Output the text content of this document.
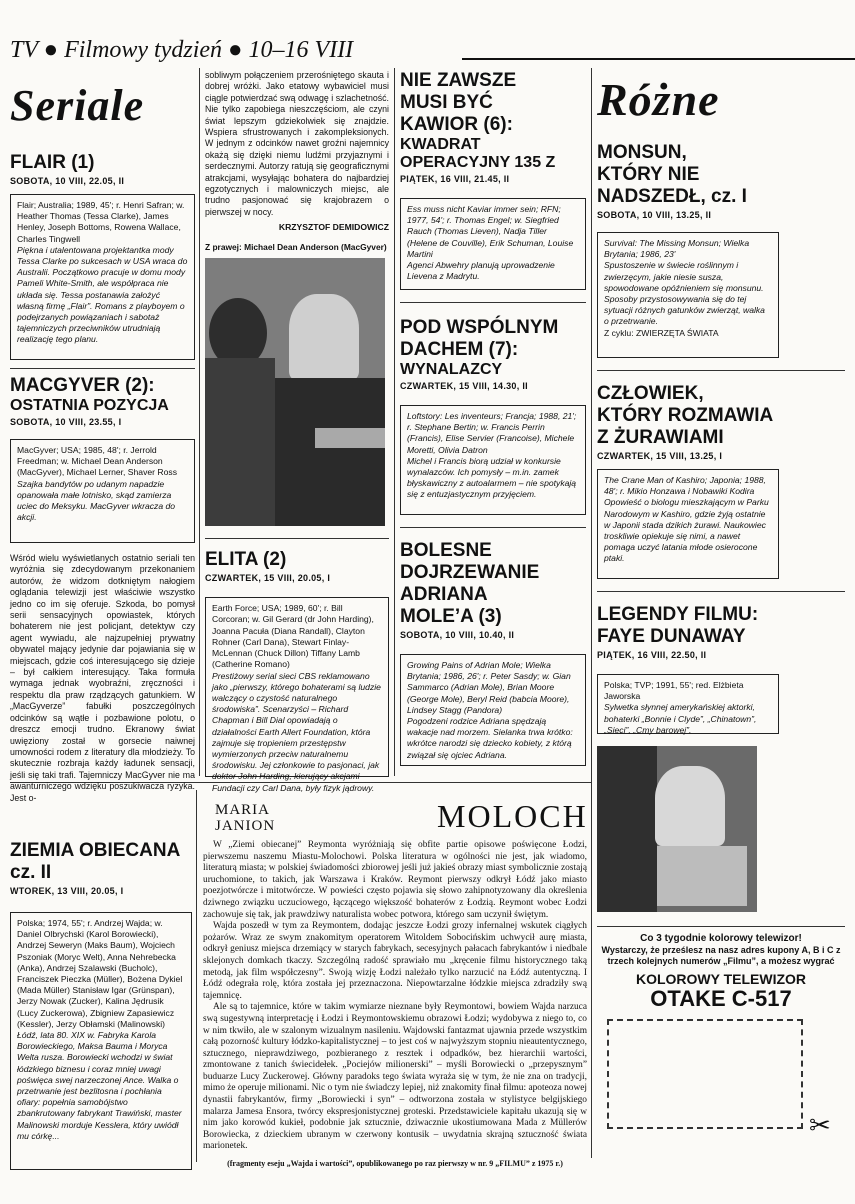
TV ● Filmowy tydzień ● 10–16 VIII
Seriale
FLAIR (1)
SOBOTA, 10 VIII, 22.05, II
Flair; Australia; 1989, 45'; r. Henri Safran; w. Heather Thomas (Tessa Clarke), James Henley, Joseph Bottoms, Rowena Wallace, Charles Tingwell
Piękna i utalentowana projektantka mody Tessa Clarke po sukcesach w USA wraca do Australii. Początkowo pracuje w domu mody Pameli White-Smith, ale współpraca nie układa się. Tessa postanawia założyć własną firmę „Flair”. Romans z playboyem o podejrzanych powiązaniach i sabotaż tajemniczych przeciwników utrudniają realizację tego planu.
MACGYVER (2):
OSTATNIA POZYCJA
SOBOTA, 10 VIII, 23.55, I
MacGyver; USA; 1985, 48'; r. Jerrold Freedman; w. Michael Dean Anderson (MacGyver), Michael Lerner, Shaver Ross
Szajka bandytów po udanym napadzie opanowała małe lotnisko, skąd zamierza uciec do Meksyku. MacGyver wkracza do akcji.
Wśród wielu wyświetlanych ostatnio seriali ten wyróżnia się zdecydowanym przekonaniem autorów, że widzom dotkniętym nałogiem oglądania telewizji jest właściwie wszystko jedno co im się oferuje. Szkoda, bo pomysł serii sensacyjnych opowiastek, których bohaterem nie jest policjant, detektyw czy agent wywiadu, ale najzupełniej prywatny obywatel mający jedynie dar pojawiania się w miejscach, gdzie coś interesującego się dzieje – był całkiem interesujący. Taka formuła wymaga jednak wyobraźni, zręczności i respektu dla praw rządzących gatunkiem. W „MacGyverze” fabułki poszczególnych odcinków są wątłe i pozbawione polotu, o dreszcz emocji trudno. Ekranowy świat uwięziony został w gorsecie naiwnej umowności rodem z literatury dla młodzieży. To skutecznie rozbraja każdy ładunek sensacji, jeśli się taki trafi. Tajemniczy MacGyver nie ma awanturniczego wdzięku poszukiwacza ryzyka. Jest o-
sobliwym połączeniem przerośniętego skauta i dobrej wróżki. Jako etatowy wybawiciel musi ciągle potwierdzać swą odwagę i szlachetność. Nie tylko zapobiega nieszczęściom, ale czyni świat lepszym gdziekolwiek się znajdzie. Wspiera sfrustrowanych i zakompleksionych. W jednym z odcinków nawet groźni najemnicy okażą się dzięki niemu ludźmi przyjaznymi i serdecznymi. Autorzy ratują się geograficznymi atrakcjami, wysyłając bohatera do najbardziej egzotycznych i malowniczych miejsc, ale trudno pasjonować się krajobrazem o pierwszej w nocy.
KRZYSZTOF DEMIDOWICZ
Z prawej: Michael Dean Anderson (MacGyver)
ELITA (2)
CZWARTEK, 15 VIII, 20.05, I
Earth Force; USA; 1989, 60'; r. Bill Corcoran; w. Gil Gerard (dr John Harding), Joanna Pacuła (Diana Randall), Clayton Rohner (Carl Dana), Stewart Finlay-McLennan (Chuck Dillon) Tiffany Lamb (Catherine Romano)
Prestiżowy serial sieci CBS reklamowano jako „pierwszy, którego bohaterami są ludzie walczący o czystość naturalnego środowiska”. Scenarzyści – Richard Chapman i Bill Dial opowiadają o działalności Earth Allert Foundation, która zajmuje się tropieniem przestępstw wymierzonych przeciw naturalnemu środowisku. Jej członkowie to pasjonaci, jak doktor John Harding, kierujący akcjami Fundacji czy Carl Dana, były fizyk jądrowy.
NIE ZAWSZE
MUSI BYĆ
KAWIOR (6):
KWADRAT
OPERACYJNY 135 Z
PIĄTEK, 16 VIII, 21.45, II
Ess muss nicht Kaviar immer sein; RFN; 1977, 54'; r. Thomas Engel; w. Siegfried Rauch (Thomas Lieven), Nadja Tiller (Helene de Couville), Erik Schuman, Louise Martini
Agenci Abwehry planują uprowadzenie Lievena z Madrytu.
POD WSPÓLNYM
DACHEM (7):
WYNALAZCY
CZWARTEK, 15 VIII, 14.30, II
Loftstory: Les inventeurs; Francja; 1988, 21'; r. Stephane Bertin; w. Francis Perrin (Francis), Elise Servier (Francoise), Michele Moretti, Olivia Datron
Michel i Francis biorą udział w konkursie wynalazców. Ich pomysły – m.in. zamek błyskawiczny z autoalarmem – nie spotykają się z entuzjastycznym przyjęciem.
BOLESNE
DOJRZEWANIE
ADRIANA
MOLE’A (3)
SOBOTA, 10 VIII, 10.40, II
Growing Pains of Adrian Mole; Wielka Brytania; 1986, 26'; r. Peter Sasdy; w. Gian Sammarco (Adrian Mole), Brian Moore (George Mole), Beryl Reid (babcia Moore), Lindsey Stagg (Pandora)
Pogodzeni rodzice Adriana spędzają wakacje nad morzem. Sielanka trwa krótko: wkrótce narodzi się dziecko kobiety, z którą związał się ojciec Adriana.
Różne
MONSUN,
KTÓRY NIE
NADSZEDŁ, cz. I
SOBOTA, 10 VIII, 13.25, II
Survival: The Missing Monsun; Wielka Brytania; 1986, 23'
Spustoszenie w świecie roślinnym i zwierzęcym, jakie niesie susza, spowodowane opóźnieniem się monsunu. Sposoby przystosowywania się do tej sytuacji różnych gatunków zwierząt, walka o przetrwanie.
Z cyklu: ZWIERZĘTA ŚWIATA
CZŁOWIEK,
KTÓRY ROZMAWIA
Z ŻURAWIAMI
CZWARTEK, 15 VIII, 13.25, I
The Crane Man of Kashiro; Japonia; 1988, 48'; r. Mikio Honzawa i Nobawiki Kodira
Opowieść o biologu mieszkającym w Parku Narodowym w Kashiro, gdzie żyją ostatnie w Japonii stada dzikich żurawi. Naukowiec troskliwie opiekuje się nimi, a nawet pomaga uczyć latania młode osierocone ptaki.
LEGENDY FILMU:
FAYE DUNAWAY
PIĄTEK, 16 VIII, 22.50, II
Polska; TVP; 1991, 55'; red. Elżbieta Jaworska
Sylwetka słynnej amerykańskiej aktorki, bohaterki „Bonnie i Clyde”, „Chinatown”, „Sieci”, „Cmy barowej”.
Co 3 tygodnie kolorowy telewizor!
Wystarczy, że prześlesz na nasz adres kupony A, B i C z trzech kolejnych numerów „Filmu”, a możesz wygrać
KOLOROWY TELEWIZOR
OTAKE C-517
✂
ZIEMIA OBIECANA
cz. II
WTOREK, 13 VIII, 20.05, I
Polska; 1974, 55'; r. Andrzej Wajda; w. Daniel Olbrychski (Karol Borowiecki), Andrzej Seweryn (Maks Baum), Wojciech Pszoniak (Moryc Welt), Anna Nehrebecka (Anka), Andrzej Szalawski (Bucholc), Franciszek Pieczka (Müller), Bożena Dykiel (Mada Müller) Stanisław Igar (Grünspan), Jerzy Nowak (Zucker), Kalina Jędrusik (Lucy Zuckerowa), Zbigniew Zapasiewicz (Kessler), Jerzy Obłamski (Malinowski)
Łódź, lata 80. XIX w. Fabryka Karola Borowieckiego, Maksa Bauma i Moryca Welta rusza. Borowiecki wchodzi w świat łódzkiego biznesu i coraz mniej uwagi poświęca swej narzeczonej Ance. Walka o przetrwanie jest bezlitosna i pochłania ofiary: popełnia samobójstwo zbankrutowany fabrykant Trawiński, master Malinowski morduje Kesslera, który uwiódł mu córkę...
MARIA
JANION	MOLOCH
W „Ziemi obiecanej” Reymonta wyróżniają się obfite partie opisowe poświęcone Łodzi, pierwszemu naszemu Miastu-Molochowi. Polska literatura w ogólności nie jest, jak wiadomo, literaturą miasta; w polskiej świadomości zbiorowej jeśli już jakieś obrazy miast symbolicznie zostają uruchomione, to takich, jak Warszawa i Kraków. Reymont pierwszy odkrył Łódź jako miasto poezjotwórcze i mitotwórcze. W powieści często pojawia się słowo zahipnotyzowany dla określenia dziwnego związku uczuciowego, łączącego większość bohaterów z Łodzią. Reymont wobec Łodzi zachowuje się tak, jak prawdziwy naturalista wobec potwora, którego sam uczynił świętym.
Wajda poszedł w tym za Reymontem, dodając jeszcze Łodzi grozy infernalnej wskutek ciągłych pożarów. Wraz ze swym znakomitym operatorem Witoldem Sobocińskim uchwycił aurę miasta, odkrył geniusz miejsca drzemiący w starych fabrykach, secesyjnych pałacach fabrykantów i niedbale sklejonych domkach tkaczy. Szczególną radość sprawiało mu „kręcenie filmu historycznego taką metodą, jak film współczesny”. Swoją wizję Łodzi należało tylko narzucić na Łódź autentyczną. I Łódź odegrała rolę, która została jej przeznaczona. Niepowtarzalne łódzkie miejsca zdradziły swą tajemnicę.
Ale są to tajemnice, które w takim wymiarze nieznane były Reymontowi, bowiem Wajda narzuca swą sugestywną interpretację i Łodzi i Reymontowskiemu obrazowi Łodzi; wydobywa z niego to, co w nim tkwiło, ale w szalonym wizualnym nasileniu. Wajdowski fantazmat ujawnia przede wszystkim całą pozorność kultury łódzko-kapitalistycznej – to jest coś w najwyższym stopniu nieautentycznego, sztucznego, nieprawdziwego, pozbieranego z resztek i odpadków, bez hierarchii wartości, zmontowane z tanich świecidełek. „Pociejów milionerski” – myśli Borowiecki o „przepysznym” buduarze Lucy Zuckerowej. Główny paradoks tego świata wyraża się w tym, że nie zna on tradycji, mimo że operuje milionami. Nic o tym nie świadczy lepiej, niż znakomity finał filmu: apoteoza nowej dynastii fabrykantów, firmy „Borowiecki i syn” – odtworzona została w stylistyce belgijskiego malarza Jamesa Ensora, twórcy ekspresjonistycznej groteski. Przedstawiciele kapitału ukazują się w nim jako korowód kukieł, podobnie jak sztucznie, dziwacznie ukostiumowana Mada z Müllerów Borowiecka, z dzieckiem ubranym w czerwony kontusik – uwydatnia skrajną sztuczność świata marionetek.
(fragmenty eseju „Wajda i wartości”, opublikowanego po raz pierwszy w nr. 9 „FILMU” z 1975 r.)
